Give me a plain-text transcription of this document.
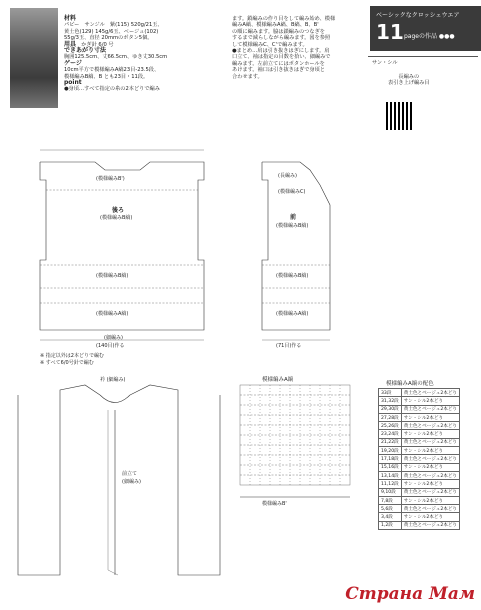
材料
パピー　サンジル　紫(115) 520g/21玉、
黄土色(129) 145g/6玉、ベージュ(102)
55g/3玉、直径 20mmのボタン5個。
用具　 かぎ針 6/0 号
できあがり寸法
胸囲125.5cm、丈66.5cm、ゆき丈30.5cm
ゲージ
10cm平方で模様編みA縞23目-23.5段、
模様編みB縞、B とも23目・11段。
point
●身頃…すべて指定の糸の2本どりで編み
ます。鎖編みの作り目をして編み始め、模様
編みA縞、模様編みA縞、B縞、B、B'
の順に編みます。脇は鎖編みのつなぎを
するまで減らしながら編みます。図を参照
して模様編みC、C'で編みます。
●まとめ…肩は引き抜きはぎにします。肩
口立て、袖は指定の目数を拾い、細編みで
編みます。左前立てにはボタンホールを
あけます。袖口は引き抜きはぎで身頃と
合わせます。
ベーシックなクロッシェウエア
11 pageの作品 ●●●
サン・シル
長編みの
表引き上げ編み目
後ろ
(模様編みB縞)
(模様編みB')
(模様編みB縞)
(模様編みA縞)
(細編み)
(140目)作る
前
(模様編みB縞)
(長編み)
(模様編みC)
(模様編みB縞)
(模様編みA縞)
(71目)作る
※ 指定以外は2本どりで編む
※ すべて6/0号針で編む
衿 (細編み)
前立て
(細編み)
模様編みA縞
模様編みB'
模様編みA縞の配色
33段	黄土色とベージュ2本どり
31,32段	サン・シル2本どり
29,30段	黄土色とベージュ2本どり
27,28段	サン・シル2本どり
25,26段	黄土色とベージュ2本どり
23,24段	サン・シル2本どり
21,22段	黄土色とベージュ2本どり
19,20段	サン・シル2本どり
17,18段	黄土色とベージュ2本どり
15,16段	サン・シル2本どり
13,14段	黄土色とベージュ2本どり
11,12段	サン・シル2本どり
9,10段	黄土色とベージュ2本どり
7,8段	サン・シル2本どり
5,6段	黄土色とベージュ2本どり
3,4段	サン・シル2本どり
1,2段	黄土色とベージュ2本どり
Страна Мам
